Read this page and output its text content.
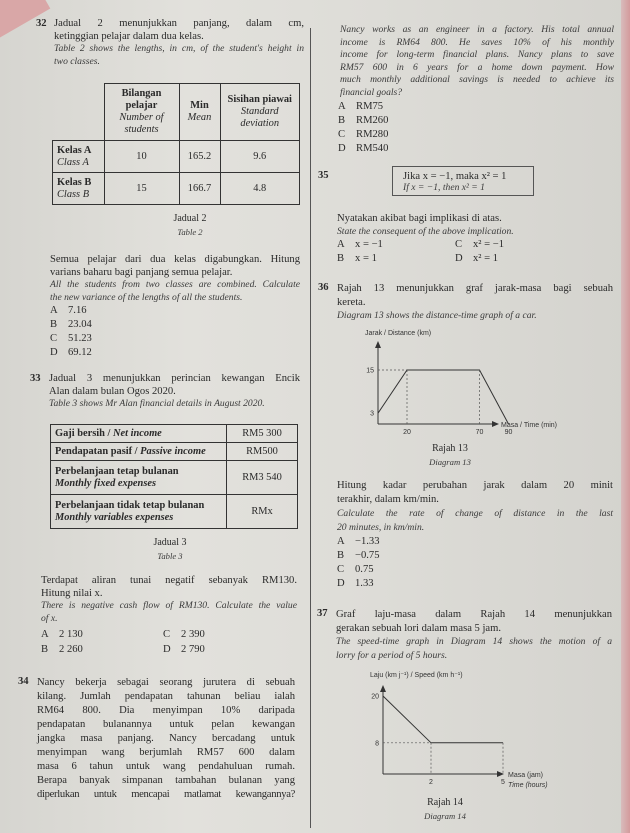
32 Jadual 2 menunjukkan panjang, dalam cm,
ketinggian pelajar dalam dua kelas.
Table 2 shows the lengths, in cm, of the student's height in
two classes.
	Bilangan pelajar
Number of students	Min
Mean	Sisihan piawai
Standard deviation
Kelas A
Class A	10	165.2	9.6
Kelas B
Class B	15	166.7	4.8
Jadual 2
Table 2
Semua pelajar dari dua kelas digabungkan. Hitung
varians baharu bagi panjang semua pelajar.
All the students from two classes are combined. Calculate
the new variance of the lengths of all the students.
A 7.16
B 23.04
C 51.23
D 69.12
33 Jadual 3 menunjukkan perincian kewangan Encik
Alan dalam bulan Ogos 2020.
Table 3 shows Mr Alan financial details in August 2020.
Gaji bersih / Net income	RM5 300
Pendapatan pasif / Passive income	RM500
Perbelanjaan tetap bulanan
Monthly fixed expenses	RM3 540
Perbelanjaan tidak tetap bulanan
Monthly variables expenses	RMx
Jadual 3
Table 3
Terdapat aliran tunai negatif sebanyak RM130.
Hitung nilai x.
There is negative cash flow of RM130. Calculate the value
of x.
A 2 130
B 2 260
C 2 390
D 2 790
34 Nancy bekerja sebagai seorang jurutera di sebuah
kilang. Jumlah pendapatan tahunan beliau ialah
RM64 800. Dia menyimpan 10% daripada
pendapatan bulanannya untuk pelan kewangan
jangka masa panjang. Nancy bercadang untuk
menyimpan wang berjumlah RM57 600 dalam
masa 6 tahun untuk wang pendahuluan rumah.
Berapa banyak simpanan tambahan bulanan yang
diperlukan untuk mencapai matlamat kewangannya?
Nancy works as an engineer in a factory. His total annual
income is RM64 800. He saves 10% of his monthly
income for long-term financial plans. Nancy plans to save
RM57 600 in 6 years for a home down payment. How
much monthly additional savings is needed to achieve its
financial goals?
A RM75
B RM260
C RM280
D RM540
35	Jika x = −1, maka x² = 1
If x = −1, then x² = 1
Nyatakan akibat bagi implikasi di atas.
State the consequent of the above implication.
A x = −1
B x = 1
C x² = −1
D x² = 1
36 Rajah 13 menunjukkan graf jarak-masa bagi sebuah
kereta.
Diagram 13 shows the distance-time graph of a car.
Jarak / Distance (km)
Masa / Time (min)
3
15
20	70	90
Rajah 13
Diagram 13
Hitung kadar perubahan jarak dalam 20 minit
terakhir, dalam km/min.
Calculate the rate of change of distance in the last
20 minutes, in km/min.
A −1.33
B −0.75
C 0.75
D 1.33
37 Graf laju-masa dalam Rajah 14 menunjukkan
gerakan sebuah lori dalam masa 5 jam.
The speed-time graph in Diagram 14 shows the motion of a
lorry for a period of 5 hours.
Laju (km j⁻¹) / Speed (km h⁻¹)
Masa (jam)
Time (hours)
20
8
2	5
Rajah 14
Diagram 14
